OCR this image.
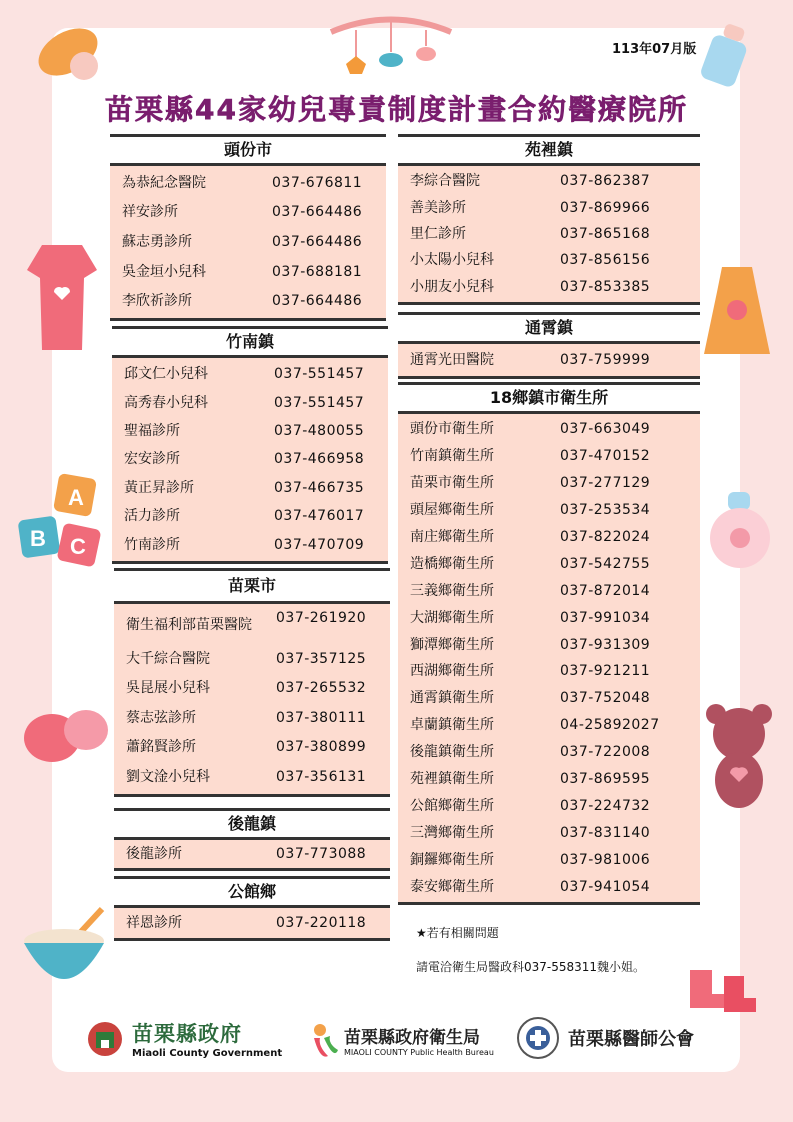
A
B C
113年07月版
苗栗縣44家幼兒專責制度計畫合約醫療院所
頭份市
為恭紀念醫院	037-676811
祥安診所	037-664486
蘇志勇診所	037-664486
吳金垣小兒科	037-688181
李欣祈診所	037-664486
竹南鎮
邱文仁小兒科	037-551457
高秀春小兒科	037-551457
聖福診所	037-480055
宏安診所	037-466958
黃正昇診所	037-466735
活力診所	037-476017
竹南診所	037-470709
苗栗市
衛生福利部苗栗醫院 037-261920
大千綜合醫院	037-357125
吳昆展小兒科	037-265532
蔡志弦診所	037-380111
蕭銘賢診所	037-380899
劉文淦小兒科	037-356131
後龍鎮
後龍診所	037-773088
公館鄉
祥恩診所	037-220118
苑裡鎮
李綜合醫院	037-862387
善美診所	037-869966
里仁診所	037-865168
小太陽小兒科	037-856156
小朋友小兒科	037-853385
通霄鎮
通霄光田醫院	037-759999
18鄉鎮市衛生所
頭份市衛生所	037-663049
竹南鎮衛生所	037-470152
苗栗市衛生所	037-277129
頭屋鄉衛生所	037-253534
南庄鄉衛生所	037-822024
造橋鄉衛生所	037-542755
三義鄉衛生所	037-872014
大湖鄉衛生所	037-991034
獅潭鄉衛生所	037-931309
西湖鄉衛生所	037-921211
通霄鎮衛生所	037-752048
卓蘭鎮衛生所	04-25892027
後龍鎮衛生所	037-722008
苑裡鎮衛生所	037-869595
公館鄉衛生所	037-224732
三灣鄉衛生所	037-831140
銅鑼鄉衛生所	037-981006
泰安鄉衛生所	037-941054
★若有相關問題
請電洽衛生局醫政科037-558311魏小姐。
苗栗縣政府
Miaoli County Government
苗栗縣政府衛生局
MIAOLI COUNTY Public Health Bureau
苗栗縣醫師公會
